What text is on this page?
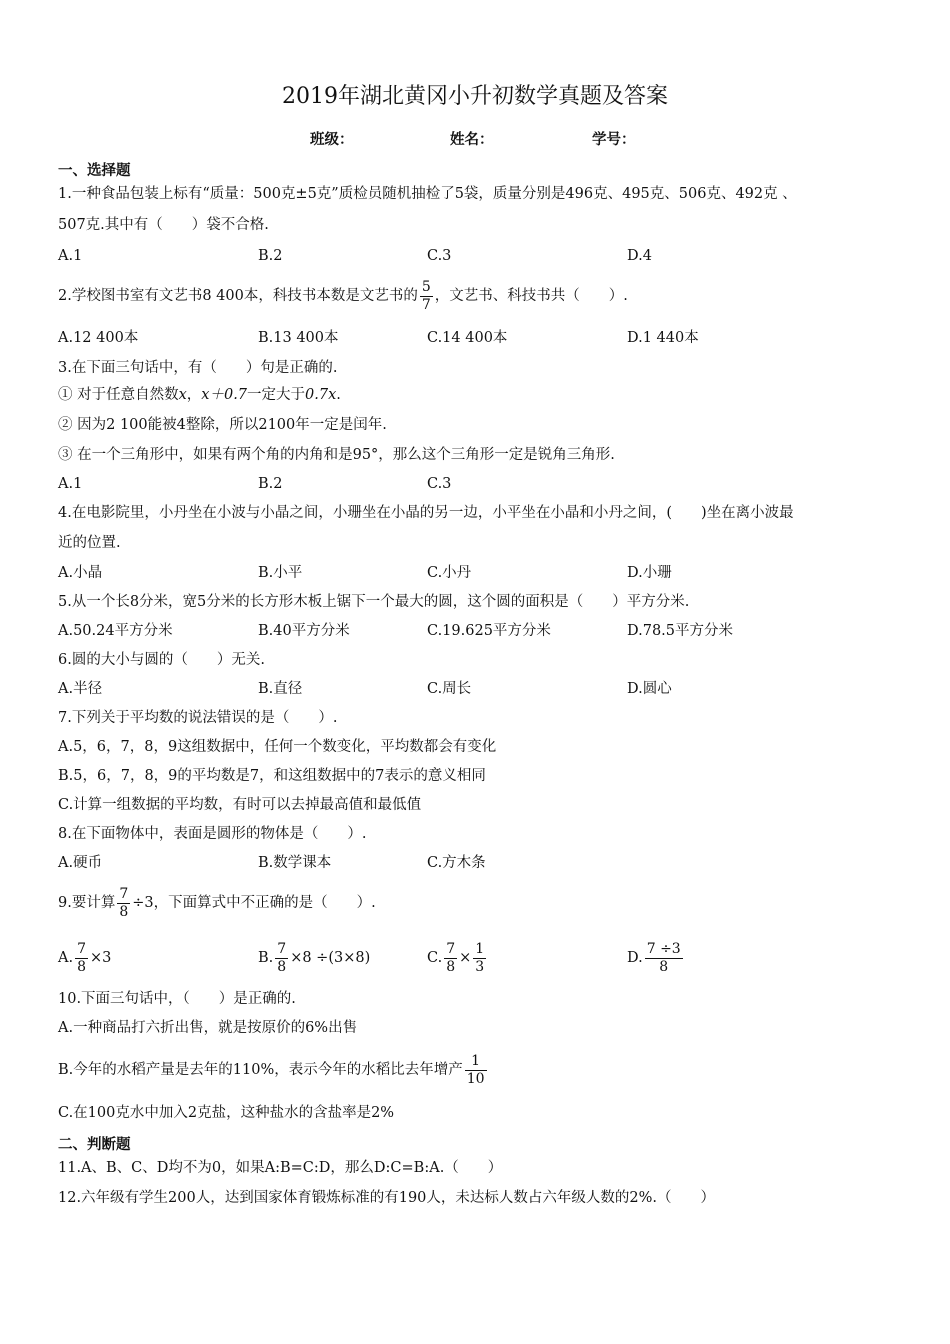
2019年湖北黄冈小升初数学真题及答案
班级：	姓名：	学号：
一、选择题
1.一种食品包装上标有“质量：500克±5克”质检员随机抽检了5袋，质量分别是496克、495克、506克、492克 、
507克.其中有（　　）袋不合格.
A.1	B.2	C.3	D.4
2.学校图书室有文艺书8 400本，科技书本数是文艺书的 $\frac{5}{7}$ ，文艺书、科技书共（　　）.
A.12 400本	B.13 400本	C.14 400本	D.1 440本
3.在下面三句话中，有（　　）句是正确的.
① 对于任意自然数x，x＋0.7一定大于0.7x.
② 因为2 100能被4整除，所以2100年一定是闰年.
③ 在一个三角形中，如果有两个角的内角和是95°，那么这个三角形一定是锐角三角形.
A.1	B.2	C.3
4.在电影院里，小丹坐在小波与小晶之间，小珊坐在小晶的另一边，小平坐在小晶和小丹之间，(　　)坐在离小波最
近的位置.
A.小晶	B.小平	C.小丹	D.小珊
5.从一个长8分米，宽5分米的长方形木板上锯下一个最大的圆，这个圆的面积是（　　）平方分米.
A.50.24平方分米	B.40平方分米	C.19.625平方分米	D.78.5平方分米
6.圆的大小与圆的（　　）无关.
A.半径	B.直径	C.周长	D.圆心
7.下列关于平均数的说法错误的是（　　）.
A.5，6，7，8，9这组数据中，任何一个数变化，平均数都会有变化
B.5，6，7，8，9的平均数是7，和这组数据中的7表示的意义相同
C.计算一组数据的平均数，有时可以去掉最高值和最低值
8.在下面物体中，表面是圆形的物体是（　　）.
A.硬币	B.数学课本	C.方木条
9.要计算 $\frac{7}{8} \div 3$，下面算式中不正确的是（　　）.
A. $\frac{7}{8} \times 3$	B. $\frac{7}{8} \times 8 \div(3\times 8)$	C. $\frac{7}{8} \times \frac{1}{3}$	D. $\frac{7 \div 3}{8}$
10.下面三句话中，（　　）是正确的.
A.一种商品打六折出售，就是按原价的6%出售
B.今年的水稻产量是去年的110%，表示今年的水稻比去年增产 $\frac{1}{10}$
C.在100克水中加入2克盐，这种盐水的含盐率是2%
二、判断题
11.A、B、C、D均不为0，如果A:B=C:D，那么D:C=B:A.（　　）
12.六年级有学生200人，达到国家体育锻炼标准的有190人，未达标人数占六年级人数的2%.（　　）
